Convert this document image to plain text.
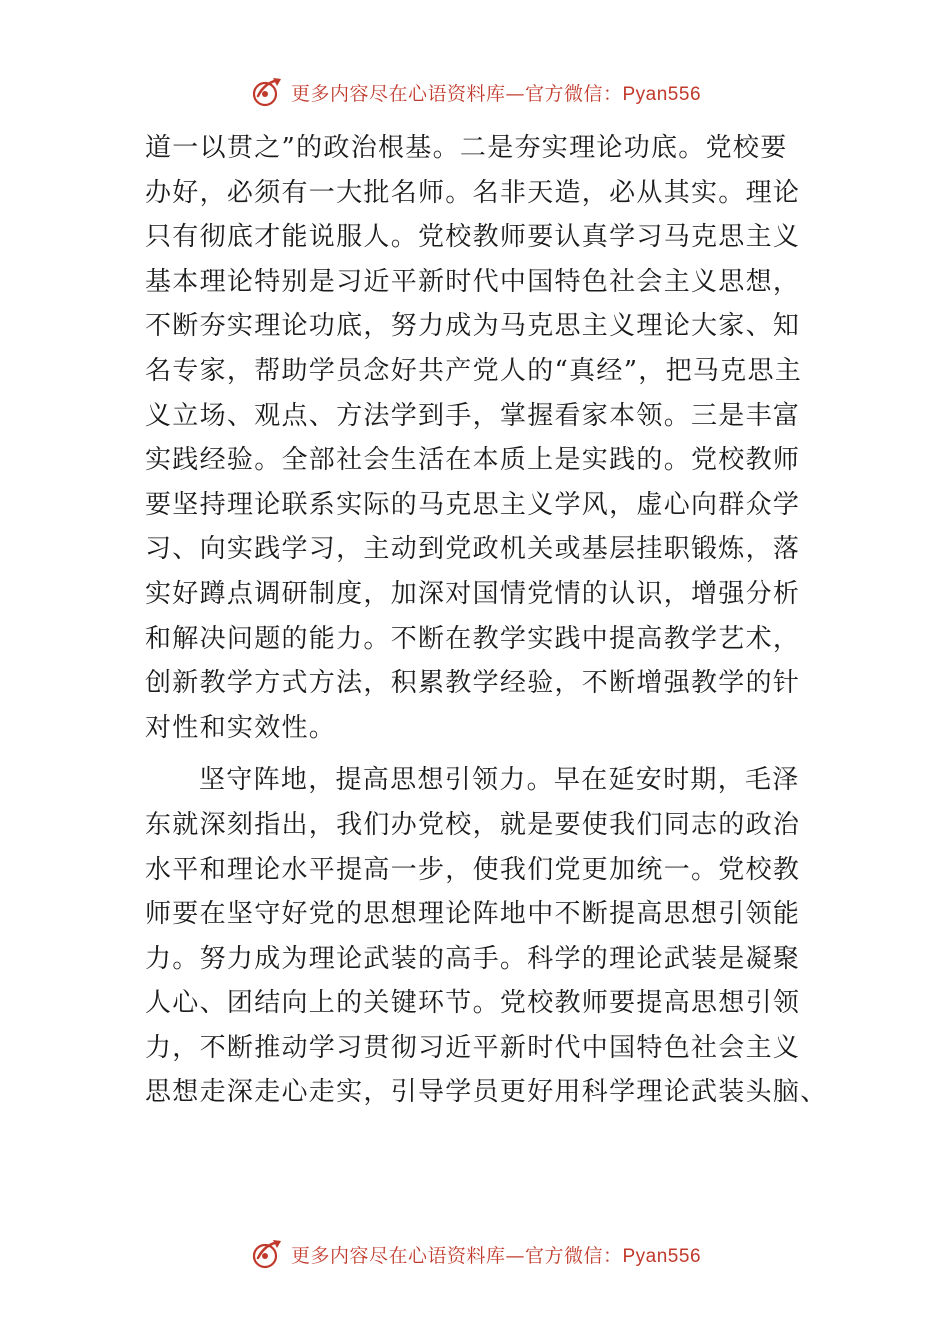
更多内容尽在心语资料库—官方微信：Pyan556
道一以贯之”的政治根基。二是夯实理论功底。党校要
办好，必须有一大批名师。名非天造，必从其实。理论
只有彻底才能说服人。党校教师要认真学习马克思主义
基本理论特别是习近平新时代中国特色社会主义思想，
不断夯实理论功底，努力成为马克思主义理论大家、知
名专家，帮助学员念好共产党人的“真经”，把马克思主
义立场、观点、方法学到手，掌握看家本领。三是丰富
实践经验。全部社会生活在本质上是实践的。党校教师
要坚持理论联系实际的马克思主义学风，虚心向群众学
习、向实践学习，主动到党政机关或基层挂职锻炼，落
实好蹲点调研制度，加深对国情党情的认识，增强分析
和解决问题的能力。不断在教学实践中提高教学艺术，
创新教学方式方法，积累教学经验，不断增强教学的针
对性和实效性。
坚守阵地，提高思想引领力。早在延安时期，毛泽
东就深刻指出，我们办党校，就是要使我们同志的政治
水平和理论水平提高一步，使我们党更加统一。党校教
师要在坚守好党的思想理论阵地中不断提高思想引领能
力。努力成为理论武装的高手。科学的理论武装是凝聚
人心、团结向上的关键环节。党校教师要提高思想引领
力，不断推动学习贯彻习近平新时代中国特色社会主义
思想走深走心走实，引导学员更好用科学理论武装头脑、
更多内容尽在心语资料库—官方微信：Pyan556
